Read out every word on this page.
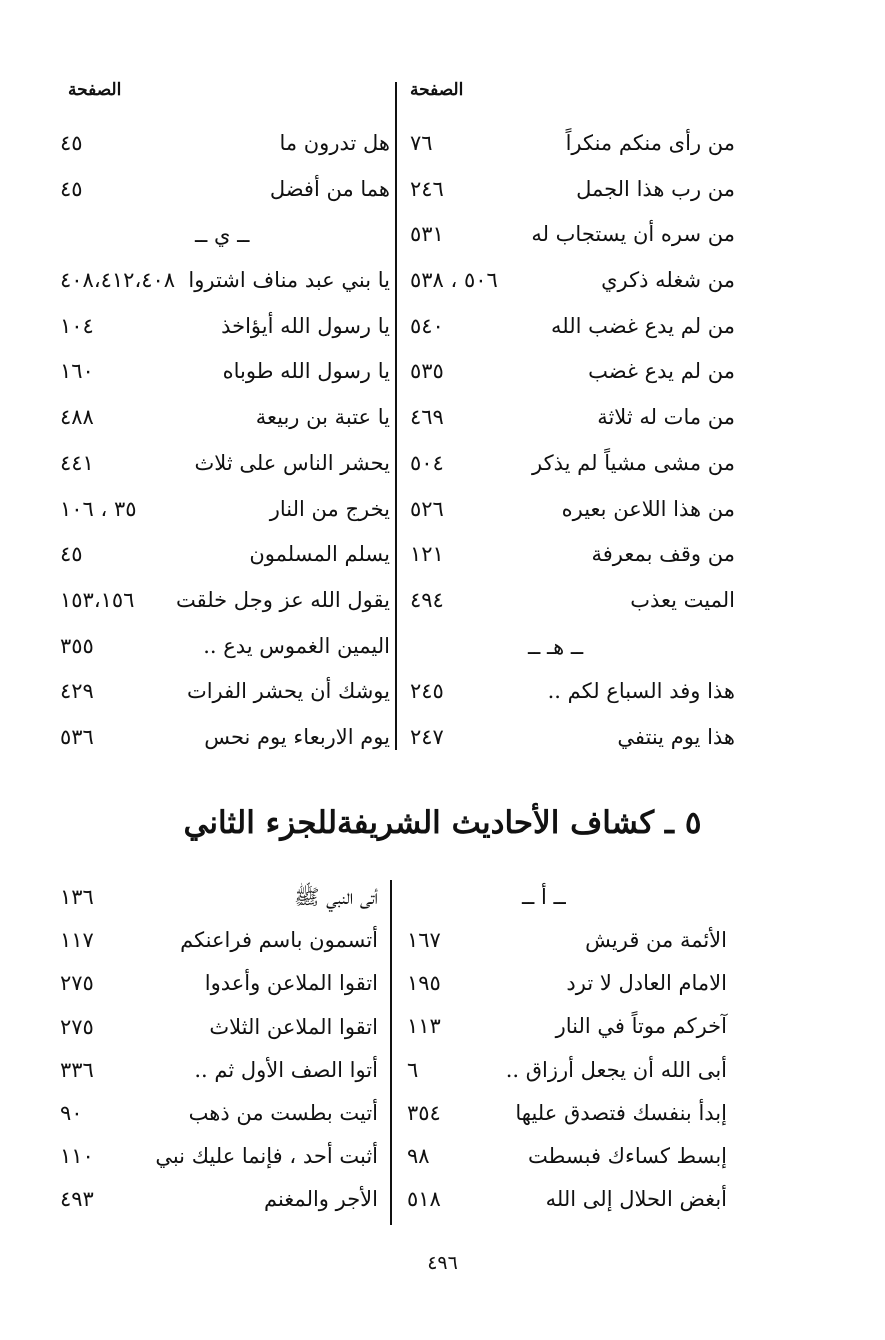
الصفحة
الصفحة
من رأى منكم منكراً
٧٦
من رب هذا الجمل
٢٤٦
من سره أن يستجاب له
٥٣١
من شغله ذكري
٥٠٦ ، ٥٣٨
من لم يدع غضب الله
٥٤٠
من لم يدع غضب
٥٣٥
من مات له ثلاثة
٤٦٩
من مشى مشياً لم يذكر
٥٠٤
من هذا اللاعن بعيره
٥٢٦
من وقف بمعرفة
١٢١
الميت يعذب
٤٩٤
هذا وفد السباع لكم ..
٢٤٥
هذا يوم ينتفي
٢٤٧
ــ هـ ــ
هل تدرون ما
٤٥
هما من أفضل
٤٥
يا بني عبد مناف اشتروا
٤٠٨،٤١٢،٤٠٨
يا رسول الله أيؤاخذ
١٠٤
يا رسول الله طوباه
١٦٠
يا عتبة بن ربيعة
٤٨٨
يحشر الناس على ثلاث
٤٤١
يخرج من النار
٣٥ ، ١٠٦
يسلم المسلمون
٤٥
يقول الله عز وجل خلقت
١٥٣،١٥٦
اليمين الغموس يدع ..
٣٥٥
يوشك أن يحشر الفرات
٤٢٩
يوم الاربعاء يوم نحس
٥٣٦
ــ ي ــ
٥ ـ كشاف الأحاديث الشريفةللجزء الثاني
ــ أ ــ
الأئمة من قريش
١٦٧
الامام العادل لا ترد
١٩٥
آخركم موتاً في النار
١١٣
أبى الله أن يجعل أرزاق ..
٦
إبدأ بنفسك فتصدق عليها
٣٥٤
إبسط كساءك فبسطت
٩٨
أبغض الحلال إلى الله
٥١٨
أتى النبي ﷺ
١٣٦
أتسمون باسم فراعنكم
١١٧
اتقوا الملاعن وأعدوا
٢٧٥
اتقوا الملاعن الثلاث
٢٧٥
أتوا الصف الأول ثم ..
٣٣٦
أتيت بطست من ذهب
٩٠
أثبت أحد ، فإنما عليك نبي
١١٠
الأجر والمغنم
٤٩٣
٤٩٦
